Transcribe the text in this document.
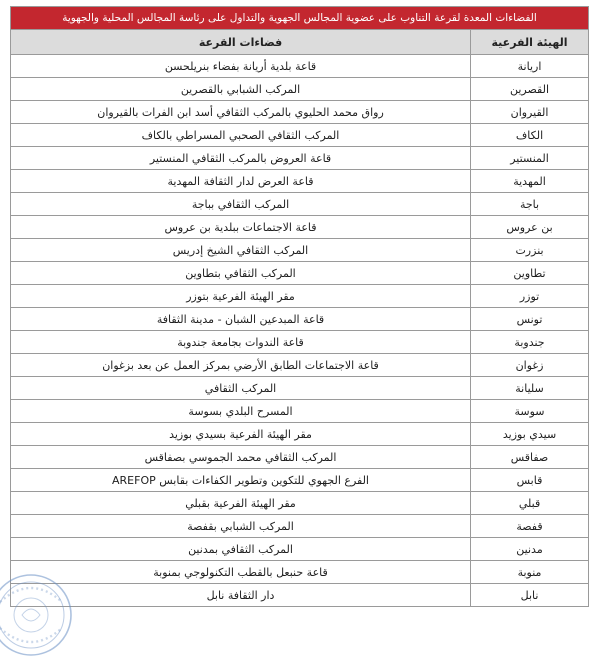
الفضاءات المعدة لقرعة التناوب على عضوية المجالس الجهوية والتداول على رئاسة المجالس المحلية والجهوية	
الهيئة الفرعية	فضاءات القرعة
اريانة	قاعة بلدية أريانة بفضاء بنريلحسن
القصرين	المركب الشبابي بالقصرين
القيروان	رواق محمد الحليوي بالمركب الثقافي أسد ابن الفرات بالقيروان
الكاف	المركب الثقافي الصحبي المسراطي بالكاف
المنستير	قاعة العروض بالمركب الثقافي المنستير
المهدية	قاعة العرض لدار الثقافة المهدية
باجة	المركب الثقافي بباجة
بن عروس	قاعة الاجتماعات ببلدية بن عروس
بنزرت	المركب الثقافي الشيخ إدريس
تطاوين	المركب الثقافي بتطاوين
توزر	مقر الهيئة الفرعية بتوزر
تونس	قاعة المبدعين الشبان - مدينة الثقافة
جندوبة	قاعة الندوات بجامعة جندوبة
زغوان	قاعة الاجتماعات الطابق الأرضي بمركز العمل عن بعد بزغوان
سليانة	المركب الثقافي
سوسة	المسرح البلدي بسوسة
سيدي بوزيد	مقر الهيئة الفرعية بسيدي بوزيد
صفاقس	المركب الثقافي محمد الجموسي بصفاقس
قابس	الفرع الجهوي للتكوين وتطوير الكفاءات بقابس AREFOP
قبلي	مقر الهيئة الفرعية بقبلي
قفصة	المركب الشبابي بقفصة
مدنين	المركب الثقافي بمدنين
منوبة	قاعة حنبعل بالقطب التكنولوجي بمنوبة
نابل	دار الثقافة نابل
